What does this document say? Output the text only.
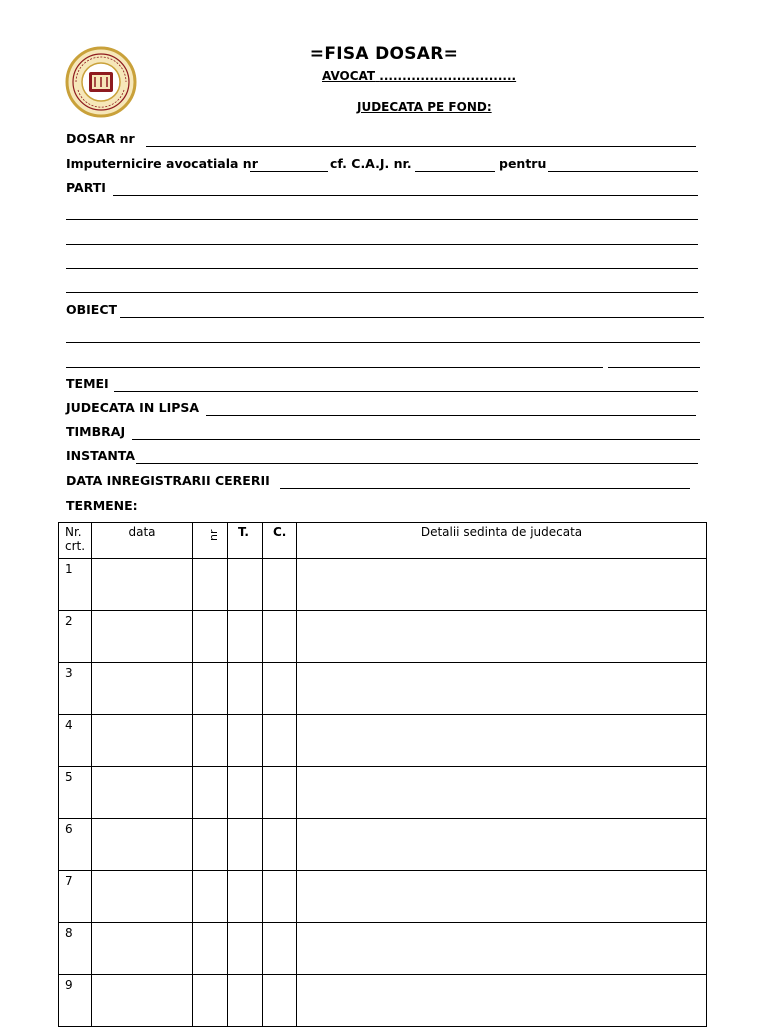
=FISA DOSAR=
AVOCAT ..............................
JUDECATA PE FOND:
DOSAR nr
Imputernicire avocatiala nr	cf. C.A.J. nr.	pentru
PARTI
OBIECT
TEMEI
JUDECATA IN LIPSA
TIMBRAJ
INSTANTA
DATA INREGISTRARII CERERII
TERMENE:
Nr. crt.	data	nr	T.	C.	Detalii sedinta de judecata
1					
2					
3					
4					
5					
6					
7					
8					
9					
